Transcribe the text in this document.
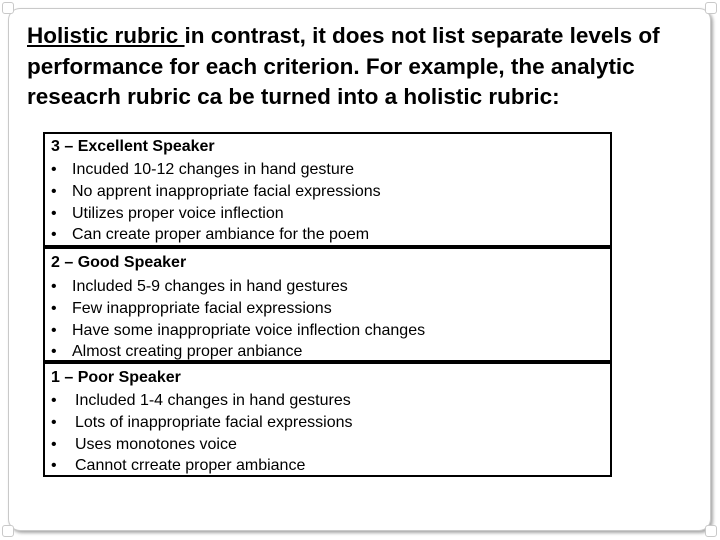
Holistic rubric in contrast, it does not list separate levels of performance for each criterion. For example, the analytic reseacrh rubric ca be turned into a holistic rubric:

3 – Excellent Speaker
• Incuded 10-12 changes in hand gesture
• No apprent inappropriate facial expressions
• Utilizes proper voice inflection
• Can create proper ambiance for the poem
2 – Good Speaker
• Included 5-9 changes in hand gestures
• Few inappropriate facial expressions
• Have some inappropriate voice inflection changes
• Almost creating proper anbiance
1 – Poor Speaker
• Included 1-4 changes in hand gestures
• Lots of inappropriate facial expressions
• Uses monotones voice
• Cannot crreate proper ambiance
